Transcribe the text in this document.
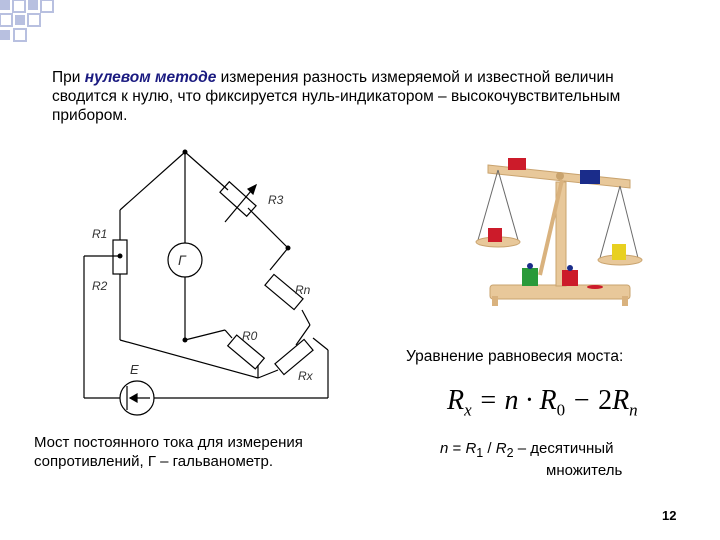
При нулевом методе измерения разность измеряемой и известной величин сводится к нулю, что фиксируется нуль-индикатором – высокочувствительным прибором.
R3
R1
R2	Rn
R0
Rx
Г
E
Уравнение равновесия моста:
$R_x = n \cdot R_0 - 2R_n$
Мост постоянного тока для измерения сопротивлений, Г – гальванометр.
$n = R_1 / R_2$ – десятичный
множитель
12
